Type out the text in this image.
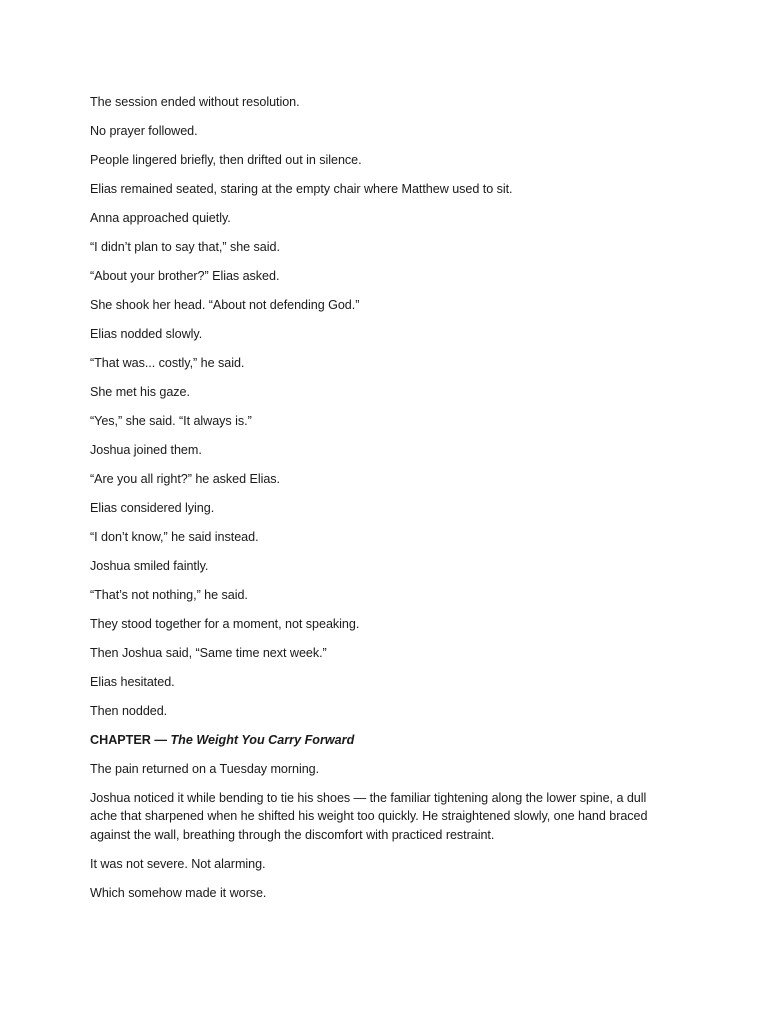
The session ended without resolution.

No prayer followed.

People lingered briefly, then drifted out in silence.

Elias remained seated, staring at the empty chair where Matthew used to sit.

Anna approached quietly.

“I didn’t plan to say that,” she said.

“About your brother?” Elias asked.

She shook her head. “About not defending God.”

Elias nodded slowly.

“That was... costly,” he said.

She met his gaze.

“Yes,” she said. “It always is.”

Joshua joined them.

“Are you all right?” he asked Elias.

Elias considered lying.

“I don’t know,” he said instead.

Joshua smiled faintly.

“That’s not nothing,” he said.

They stood together for a moment, not speaking.

Then Joshua said, “Same time next week.”

Elias hesitated.

Then nodded.

CHAPTER — The Weight You Carry Forward

The pain returned on a Tuesday morning.

Joshua noticed it while bending to tie his shoes — the familiar tightening along the lower spine, a dull ache that sharpened when he shifted his weight too quickly. He straightened slowly, one hand braced against the wall, breathing through the discomfort with practiced restraint.

It was not severe. Not alarming.

Which somehow made it worse.
